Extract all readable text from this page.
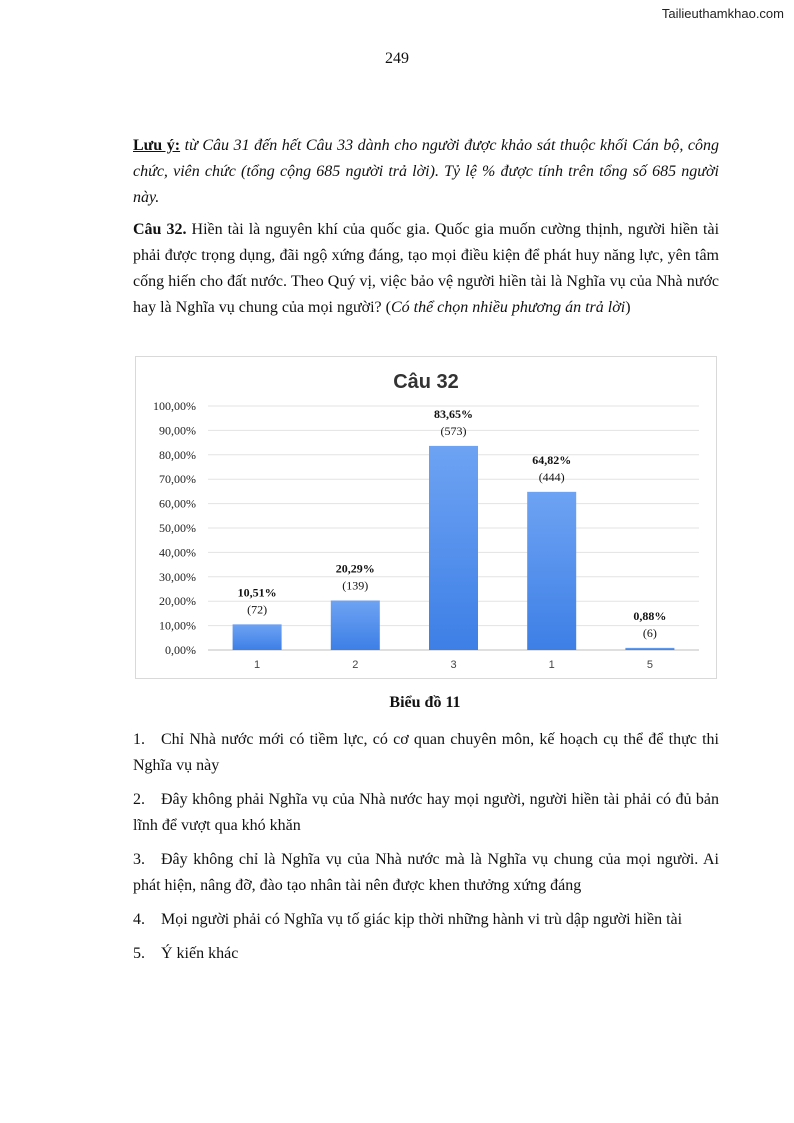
Tailieuthamkhao.com
249

Lưu ý: từ Câu 31 đến hết Câu 33 dành cho người được khảo sát thuộc khối Cán bộ, công chức, viên chức (tổng cộng 685 người trả lời). Tỷ lệ % được tính trên tổng số 685 người này.

Câu 32. Hiền tài là nguyên khí của quốc gia. Quốc gia muốn cường thịnh, người hiền tài phải được trọng dụng, đãi ngộ xứng đáng, tạo mọi điều kiện để phát huy năng lực, yên tâm cống hiến cho đất nước. Theo Quý vị, việc bảo vệ người hiền tài là Nghĩa vụ của Nhà nước hay là Nghĩa vụ chung của mọi người? (Có thể chọn nhiều phương án trả lời)

Câu 32
0,00%
10,00%
20,00%
30,00%
40,00%
50,00%
60,00%
70,00%
80,00%
90,00%
100,00%
10,51%
(72)
20,29%
(139)
83,65%
(573)
64,82%
(444)
0,88%
(6)
1	2	3	1	5
Biểu đồ 11
1. Chỉ Nhà nước mới có tiềm lực, có cơ quan chuyên môn, kế hoạch cụ thể để thực thi Nghĩa vụ này
2. Đây không phải Nghĩa vụ của Nhà nước hay mọi người, người hiền tài phải có đủ bản lĩnh để vượt qua khó khăn
3. Đây không chỉ là Nghĩa vụ của Nhà nước mà là Nghĩa vụ chung của mọi người. Ai phát hiện, nâng đỡ, đào tạo nhân tài nên được khen thưởng xứng đáng
4. Mọi người phải có Nghĩa vụ tố giác kịp thời những hành vi trù dập người hiền tài
5. Ý kiến khác
